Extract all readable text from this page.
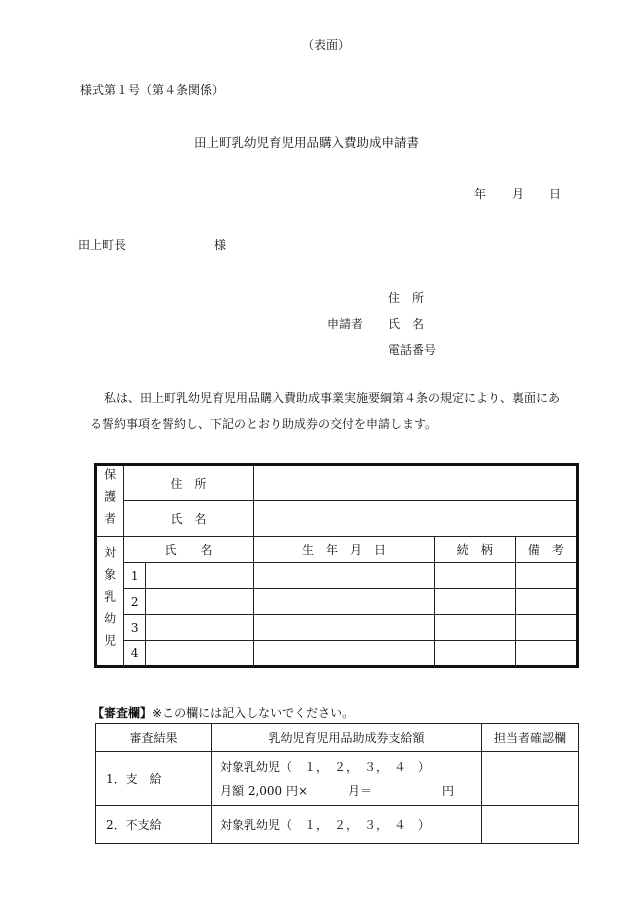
（表面）
様式第１号（第４条関係）
田上町乳幼児育児用品購入費助成申請書
年 月 日
田上町長	様
住　所
申請者 氏　名
電話番号
私は、田上町乳幼児育児用品購入費助成事業実施要綱第４条の規定により、裏面にあ
る誓約事項を誓約し、下記のとおり助成券の交付を申請します。
保護者	住　所				
	氏　名				

対象乳幼児	氏　　名		生　年　月　日	続　柄	備　考
	1				
	2				
	3				
	4				
【審査欄】※この欄には記入しないでください。
審査結果	乳幼児育児用品助成券支給額	担当者確認欄
1．支　給	対象乳幼児（　１，　２，　３，　４　）
月額 2,000 円× 月＝ 円	

2．不支給	対象乳幼児（　１，　２，　３，　４　）	
